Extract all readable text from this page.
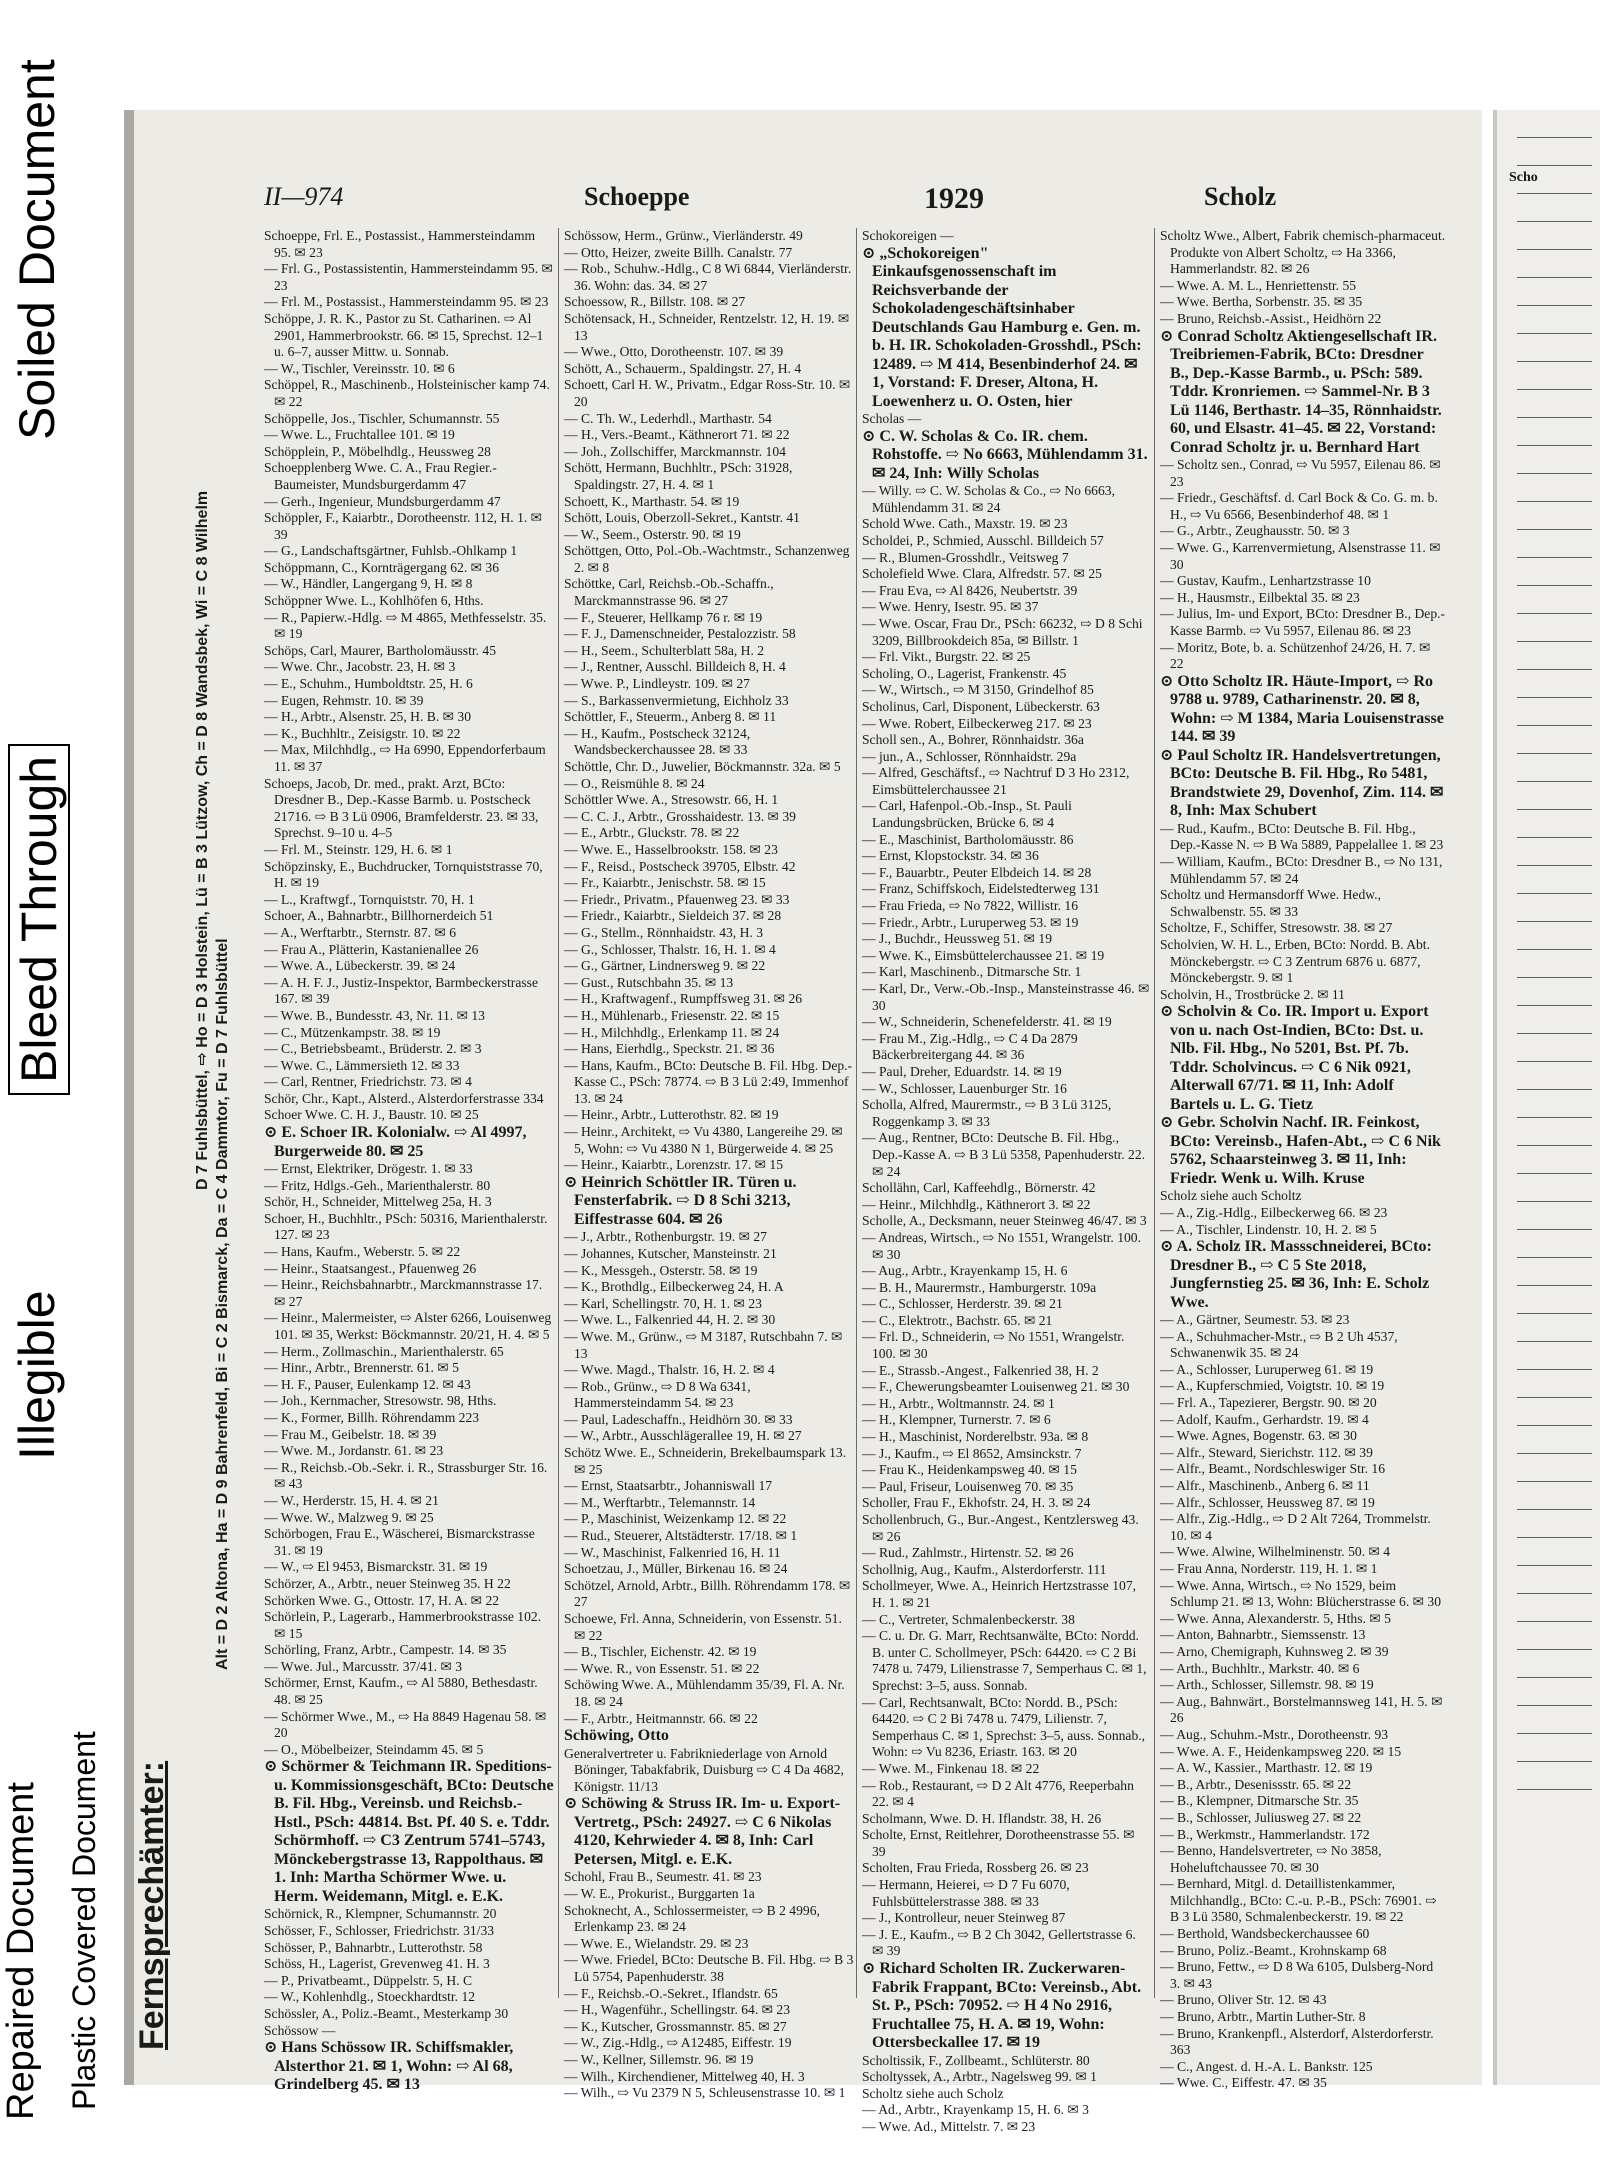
Soiled Document
Bleed Through
Illegible
Repaired Document Plastic Covered Document
II—974	Schoeppe	1929	Scholz
D 7 Fuhlsbüttel, ⇨ Ho = D 3 Holstein, Lü = B 3 Lützow, Ch = D 8 Wandsbek, Wi = C 8 Wilhelm
Alt = D 2 Altona, Ha = D 9 Bahrenfeld, Bi = C 2 Bismarck, Da = C 4 Dammtor, Fu = D 7 Fuhlsbüttel
Fernsprechämter:

Schoeppe, Frl. E., Postassist., Hammersteindamm 95. ✉ 23

— Frl. G., Postassistentin, Hammersteindamm 95. ✉ 23

— Frl. M., Postassist., Hammersteindamm 95. ✉ 23

Schöppe, J. R. K., Pastor zu St. Catharinen. ⇨ Al 2901, Hammerbrookstr. 66. ✉ 15, Sprechst. 12–1 u. 6–7, ausser Mittw. u. Sonnab.

— W., Tischler, Vereinsstr. 10. ✉ 6

Schöppel, R., Maschinenb., Holsteinischer kamp 74. ✉ 22

Schöppelle, Jos., Tischler, Schumannstr. 55

— Wwe. L., Fruchtallee 101. ✉ 19

Schöpplein, P., Möbelhdlg., Heussweg 28

Schoepplenberg Wwe. C. A., Frau Regier.-Baumeister, Mundsburgerdamm 47

— Gerh., Ingenieur, Mundsburgerdamm 47

Schöppler, F., Kaiarbtr., Dorotheenstr. 112, H. 1. ✉ 39

— G., Landschaftsgärtner, Fuhlsb.-Ohlkamp 1

Schöppmann, C., Kornträgergang 62. ✉ 36

— W., Händler, Langergang 9, H. ✉ 8

Schöppner Wwe. L., Kohlhöfen 6, Hths.

— R., Papierw.-Hdlg. ⇨ M 4865, Methfesselstr. 35. ✉ 19

Schöps, Carl, Maurer, Bartholomäusstr. 45

— Wwe. Chr., Jacobstr. 23, H. ✉ 3

— E., Schuhm., Humboldtstr. 25, H. 6

— Eugen, Rehmstr. 10. ✉ 39

— H., Arbtr., Alsenstr. 25, H. B. ✉ 30

— K., Buchhltr., Zeisigstr. 10. ✉ 22

— Max, Milchhdlg., ⇨ Ha 6990, Eppendorferbaum 11. ✉ 37

Schoeps, Jacob, Dr. med., prakt. Arzt, BCto: Dresdner B., Dep.-Kasse Barmb. u. Postscheck 21716. ⇨ B 3 Lü 0906, Bramfelderstr. 23. ✉ 33, Sprechst. 9–10 u. 4–5

— Frl. M., Steinstr. 129, H. 6. ✉ 1

Schöpzinsky, E., Buchdrucker, Tornquiststrasse 70, H. ✉ 19

— L., Kraftwgf., Tornquiststr. 70, H. 1

Schoer, A., Bahnarbtr., Billhornerdeich 51

— A., Werftarbtr., Sternstr. 87. ✉ 6

— Frau A., Plätterin, Kastanienallee 26

— Wwe. A., Lübeckerstr. 39. ✉ 24

— A. H. F. J., Justiz-Inspektor, Barmbeckerstrasse 167. ✉ 39

— Wwe. B., Bundesstr. 43, Nr. 11. ✉ 13

— C., Mützenkampstr. 38. ✉ 19

— C., Betriebsbeamt., Brüderstr. 2. ✉ 3

— Wwe. C., Lämmersieth 12. ✉ 33

— Carl, Rentner, Friedrichstr. 73. ✉ 4

Schör, Chr., Kapt., Alsterd., Alsterdorferstrasse 334

Schoer Wwe. C. H. J., Baustr. 10. ✉ 25

⊙ E. Schoer IR. Kolonialw. ⇨ Al 4997, Burgerweide 80. ✉ 25

— Ernst, Elektriker, Drögestr. 1. ✉ 33

— Fritz, Hdlgs.-Geh., Marienthalerstr. 80

Schör, H., Schneider, Mittelweg 25a, H. 3

Schoer, H., Buchhltr., PSch: 50316, Marienthalerstr. 127. ✉ 23

— Hans, Kaufm., Weberstr. 5. ✉ 22

— Heinr., Staatsangest., Pfauenweg 26

— Heinr., Reichsbahnarbtr., Marckmannstrasse 17. ✉ 27

— Heinr., Malermeister, ⇨ Alster 6266, Louisenweg 101. ✉ 35, Werkst: Böckmannstr. 20/21, H. 4. ✉ 5

— Herm., Zollmaschin., Marienthalerstr. 65

— Hinr., Arbtr., Brennerstr. 61. ✉ 5

— H. F., Pauser, Eulenkamp 12. ✉ 43

— Joh., Kernmacher, Stresowstr. 98, Hths.

— K., Former, Billh. Röhrendamm 223

— Frau M., Geibelstr. 18. ✉ 39

— Wwe. M., Jordanstr. 61. ✉ 23

— R., Reichsb.-Ob.-Sekr. i. R., Strassburger Str. 16. ✉ 43

— W., Herderstr. 15, H. 4. ✉ 21

— Wwe. W., Malzweg 9. ✉ 25

Schörbogen, Frau E., Wäscherei, Bismarckstrasse 31. ✉ 19

— W., ⇨ El 9453, Bismarckstr. 31. ✉ 19

Schörzer, A., Arbtr., neuer Steinweg 35. H 22

Schörken Wwe. G., Ottostr. 17, H. A. ✉ 22

Schörlein, P., Lagerarb., Hammerbrookstrasse 102. ✉ 15

Schörling, Franz, Arbtr., Campestr. 14. ✉ 35

— Wwe. Jul., Marcusstr. 37/41. ✉ 3

Schörmer, Ernst, Kaufm., ⇨ Al 5880, Bethesdastr. 48. ✉ 25

— Schörmer Wwe., M., ⇨ Ha 8849 Hagenau 58. ✉ 20

— O., Möbelbeizer, Steindamm 45. ✉ 5

⊙ Schörmer & Teichmann IR. Speditions- u. Kommissionsgeschäft, BCto: Deutsche B. Fil. Hbg., Vereinsb. und Reichsb.-Hstl., PSch: 44814. Bst. Pf. 40 S. e. Tddr. Schörmhoff. ⇨ C3 Zentrum 5741–5743, Mönckebergstrasse 13, Rappolthaus. ✉ 1. Inh: Martha Schörmer Wwe. u. Herm. Weidemann, Mitgl. e. E.K.

Schörnick, R., Klempner, Schumannstr. 20

Schösser, F., Schlosser, Friedrichstr. 31/33

Schösser, P., Bahnarbtr., Lutterothstr. 58

Schöss, H., Lagerist, Grevenweg 41. H. 3

— P., Privatbeamt., Düppelstr. 5, H. C

— W., Kohlenhdlg., Stoeckhardtstr. 12

Schössler, A., Poliz.-Beamt., Mesterkamp 30

Schössow —

⊙ Hans Schössow IR. Schiffsmakler, Alsterthor 21. ✉ 1, Wohn: ⇨ Al 68, Grindelberg 45. ✉ 13

Schössow, Herm., Grünw., Vierländerstr. 49

— Otto, Heizer, zweite Billh. Canalstr. 77

— Rob., Schuhw.-Hdlg., C 8 Wi 6844, Vierländerstr. 36. Wohn: das. 34. ✉ 27

Schoessow, R., Billstr. 108. ✉ 27

Schötensack, H., Schneider, Rentzelstr. 12, H. 19. ✉ 13

— Wwe., Otto, Dorotheenstr. 107. ✉ 39

Schött, A., Schauerm., Spaldingstr. 27, H. 4

Schoett, Carl H. W., Privatm., Edgar Ross-Str. 10. ✉ 20

— C. Th. W., Lederhdl., Marthastr. 54

— H., Vers.-Beamt., Käthnerort 71. ✉ 22

— Joh., Zollschiffer, Marckmannstr. 104

Schött, Hermann, Buchhltr., PSch: 31928, Spaldingstr. 27, H. 4. ✉ 1

Schoett, K., Marthastr. 54. ✉ 19

Schött, Louis, Oberzoll-Sekret., Kantstr. 41

— W., Seem., Osterstr. 90. ✉ 19

Schöttgen, Otto, Pol.-Ob.-Wachtmstr., Schanzenweg 2. ✉ 8

Schöttke, Carl, Reichsb.-Ob.-Schaffn., Marckmannstrasse 96. ✉ 27

— F., Steuerer, Hellkamp 76 r. ✉ 19

— F. J., Damenschneider, Pestalozzistr. 58

— H., Seem., Schulterblatt 58a, H. 2

— J., Rentner, Ausschl. Billdeich 8, H. 4

— Wwe. P., Lindleystr. 109. ✉ 27

— S., Barkassenvermietung, Eichholz 33

Schöttler, F., Steuerm., Anberg 8. ✉ 11

— H., Kaufm., Postscheck 32124, Wandsbeckerchaussee 28. ✉ 33

Schöttle, Chr. D., Juwelier, Böckmannstr. 32a. ✉ 5

— O., Reismühle 8. ✉ 24

Schöttler Wwe. A., Stresowstr. 66, H. 1

— C. C. J., Arbtr., Grosshaidestr. 13. ✉ 39

— E., Arbtr., Gluckstr. 78. ✉ 22

— Wwe. E., Hasselbrookstr. 158. ✉ 23

— F., Reisd., Postscheck 39705, Elbstr. 42

— Fr., Kaiarbtr., Jenischstr. 58. ✉ 15

— Friedr., Privatm., Pfauenweg 23. ✉ 33

— Friedr., Kaiarbtr., Sieldeich 37. ✉ 28

— G., Stellm., Rönnhaidstr. 43, H. 3

— G., Schlosser, Thalstr. 16, H. 1. ✉ 4

— G., Gärtner, Lindnersweg 9. ✉ 22

— Gust., Rutschbahn 35. ✉ 13

— H., Kraftwagenf., Rumpffsweg 31. ✉ 26

— H., Mühlenarb., Friesenstr. 22. ✉ 15

— H., Milchhdlg., Erlenkamp 11. ✉ 24

— Hans, Eierhdlg., Speckstr. 21. ✉ 36

— Hans, Kaufm., BCto: Deutsche B. Fil. Hbg. Dep.-Kasse C., PSch: 78774. ⇨ B 3 Lü 2:49, Immenhof 13. ✉ 24

— Heinr., Arbtr., Lutterothstr. 82. ✉ 19

— Heinr., Architekt, ⇨ Vu 4380, Langereihe 29. ✉ 5, Wohn: ⇨ Vu 4380 N 1, Bürgerweide 4. ✉ 25

— Heinr., Kaiarbtr., Lorenzstr. 17. ✉ 15

⊙ Heinrich Schöttler IR. Türen u. Fensterfabrik. ⇨ D 8 Schi 3213, Eiffestrasse 604. ✉ 26

— J., Arbtr., Rothenburgstr. 19. ✉ 27

— Johannes, Kutscher, Mansteinstr. 21

— K., Messgeh., Osterstr. 58. ✉ 19

— K., Brothdlg., Eilbeckerweg 24, H. A

— Karl, Schellingstr. 70, H. 1. ✉ 23

— Wwe. L., Falkenried 44, H. 2. ✉ 30

— Wwe. M., Grünw., ⇨ M 3187, Rutschbahn 7. ✉ 13

— Wwe. Magd., Thalstr. 16, H. 2. ✉ 4

— Rob., Grünw., ⇨ D 8 Wa 6341, Hammersteindamm 54. ✉ 23

— Paul, Ladeschaffn., Heidhörn 30. ✉ 33

— W., Arbtr., Ausschlägerallee 19, H. ✉ 27

Schötz Wwe. E., Schneiderin, Brekelbaumspark 13. ✉ 25

— Ernst, Staatsarbtr., Johanniswall 17

— M., Werftarbtr., Telemannstr. 14

— P., Maschinist, Weizenkamp 12. ✉ 22

— Rud., Steuerer, Altstädterstr. 17/18. ✉ 1

— W., Maschinist, Falkenried 16, H. 11

Schoetzau, J., Müller, Birkenau 16. ✉ 24

Schötzel, Arnold, Arbtr., Billh. Röhrendamm 178. ✉ 27

Schoewe, Frl. Anna, Schneiderin, von Essenstr. 51. ✉ 22

— B., Tischler, Eichenstr. 42. ✉ 19

— Wwe. R., von Essenstr. 51. ✉ 22

Schöwing Wwe. A., Mühlendamm 35/39, Fl. A. Nr. 18. ✉ 24

— F., Arbtr., Heitmannstr. 66. ✉ 22

Schöwing, Otto

Generalvertreter u. Fabrikniederlage von Arnold Böninger, Tabakfabrik, Duisburg ⇨ C 4 Da 4682, Königstr. 11/13

⊙ Schöwing & Struss IR. Im- u. Export-Vertretg., PSch: 24927. ⇨ C 6 Nikolas 4120, Kehrwieder 4. ✉ 8, Inh: Carl Petersen, Mitgl. e. E.K.

Schohl, Frau B., Seumestr. 41. ✉ 23

— W. E., Prokurist., Burggarten 1a

Schoknecht, A., Schlossermeister, ⇨ B 2 4996, Erlenkamp 23. ✉ 24

— Wwe. E., Wielandstr. 29. ✉ 23

— Wwe. Friedel, BCto: Deutsche B. Fil. Hbg. ⇨ B 3 Lü 5754, Papenhuderstr. 38

— F., Reichsb.-O.-Sekret., Iflandstr. 65

— H., Wagenführ., Schellingstr. 64. ✉ 23

— K., Kutscher, Grossmannstr. 85. ✉ 27

— W., Zig.-Hdlg., ⇨ A12485, Eiffestr. 19

— W., Kellner, Sillemstr. 96. ✉ 19

— Wilh., Kirchendiener, Mittelweg 40, H. 3

— Wilh., ⇨ Vu 2379 N 5, Schleusenstrasse 10. ✉ 1

Schokoreigen —

⊙ „Schokoreigen" Einkaufsgenossenschaft im Reichsverbande der Schokoladengeschäftsinhaber Deutschlands Gau Hamburg e. Gen. m. b. H. IR. Schokoladen-Grosshdl., PSch: 12489. ⇨ M 414, Besenbinderhof 24. ✉ 1, Vorstand: F. Dreser, Altona, H. Loewenherz u. O. Osten, hier

Scholas —

⊙ C. W. Scholas & Co. IR. chem. Rohstoffe. ⇨ No 6663, Mühlendamm 31. ✉ 24, Inh: Willy Scholas

— Willy. ⇨ C. W. Scholas & Co., ⇨ No 6663, Mühlendamm 31. ✉ 24

Schold Wwe. Cath., Maxstr. 19. ✉ 23

Scholdei, P., Schmied, Ausschl. Billdeich 57

— R., Blumen-Grosshdlr., Veitsweg 7

Scholefield Wwe. Clara, Alfredstr. 57. ✉ 25

— Frau Eva, ⇨ Al 8426, Neubertstr. 39

— Wwe. Henry, Isestr. 95. ✉ 37

— Wwe. Oscar, Frau Dr., PSch: 66232, ⇨ D 8 Schi 3209, Billbrookdeich 85a, ✉ Billstr. 1

— Frl. Vikt., Burgstr. 22. ✉ 25

Scholing, O., Lagerist, Frankenstr. 45

— W., Wirtsch., ⇨ M 3150, Grindelhof 85

Scholinus, Carl, Disponent, Lübeckerstr. 63

— Wwe. Robert, Eilbeckerweg 217. ✉ 23

Scholl sen., A., Bohrer, Rönnhaidstr. 36a

— jun., A., Schlosser, Rönnhaidstr. 29a

— Alfred, Geschäftsf., ⇨ Nachtruf D 3 Ho 2312, Eimsbüttelerchaussee 21

— Carl, Hafenpol.-Ob.-Insp., St. Pauli Landungsbrücken, Brücke 6. ✉ 4

— E., Maschinist, Bartholomäusstr. 86

— Ernst, Klopstockstr. 34. ✉ 36

— F., Bauarbtr., Peuter Elbdeich 14. ✉ 28

— Franz, Schiffskoch, Eidelstedterweg 131

— Frau Frieda, ⇨ No 7822, Willistr. 16

— Friedr., Arbtr., Luruperweg 53. ✉ 19

— J., Buchdr., Heussweg 51. ✉ 19

— Wwe. K., Eimsbüttelerchaussee 21. ✉ 19

— Karl, Maschinenb., Ditmarsche Str. 1

— Karl, Dr., Verw.-Ob.-Insp., Mansteinstrasse 46. ✉ 30

— W., Schneiderin, Schenefelderstr. 41. ✉ 19

— Frau M., Zig.-Hdlg., ⇨ C 4 Da 2879 Bäckerbreitergang 44. ✉ 36

— Paul, Dreher, Eduardstr. 14. ✉ 19

— W., Schlosser, Lauenburger Str. 16

Scholla, Alfred, Maurermstr., ⇨ B 3 Lü 3125, Roggenkamp 3. ✉ 33

— Aug., Rentner, BCto: Deutsche B. Fil. Hbg., Dep.-Kasse A. ⇨ B 3 Lü 5358, Papenhuderstr. 22. ✉ 24

Schollähn, Carl, Kaffeehdlg., Börnerstr. 42

— Heinr., Milchhdlg., Käthnerort 3. ✉ 22

Scholle, A., Decksmann, neuer Steinweg 46/47. ✉ 3

— Andreas, Wirtsch., ⇨ No 1551, Wrangelstr. 100. ✉ 30

— Aug., Arbtr., Krayenkamp 15, H. 6

— B. H., Maurermstr., Hamburgerstr. 109a

— C., Schlosser, Herderstr. 39. ✉ 21

— C., Elektrotr., Bachstr. 65. ✉ 21

— Frl. D., Schneiderin, ⇨ No 1551, Wrangelstr. 100. ✉ 30

— E., Strassb.-Angest., Falkenried 38, H. 2

— F., Chewerungsbeamter Louisenweg 21. ✉ 30

— H., Arbtr., Woltmannstr. 24. ✉ 1

— H., Klempner, Turnerstr. 7. ✉ 6

— H., Maschinist, Norderelbstr. 93a. ✉ 8

— J., Kaufm., ⇨ El 8652, Amsinckstr. 7

— Frau K., Heidenkampsweg 40. ✉ 15

— Paul, Friseur, Louisenweg 70. ✉ 35

Scholler, Frau F., Ekhofstr. 24, H. 3. ✉ 24

Schollenbruch, G., Bur.-Angest., Kentzlersweg 43. ✉ 26

— Rud., Zahlmstr., Hirtenstr. 52. ✉ 26

Schollnig, Aug., Kaufm., Alsterdorferstr. 111

Schollmeyer, Wwe. A., Heinrich Hertzstrasse 107, H. 1. ✉ 21

— C., Vertreter, Schmalenbeckerstr. 38

— C. u. Dr. G. Marr, Rechtsanwälte, BCto: Nordd. B. unter C. Schollmeyer, PSch: 64420. ⇨ C 2 Bi 7478 u. 7479, Lilienstrasse 7, Semperhaus C. ✉ 1, Sprechst: 3–5, auss. Sonnab.

— Carl, Rechtsanwalt, BCto: Nordd. B., PSch: 64420. ⇨ C 2 Bi 7478 u. 7479, Lilienstr. 7, Semperhaus C. ✉ 1, Sprechst: 3–5, auss. Sonnab., Wohn: ⇨ Vu 8236, Eriastr. 163. ✉ 20

— Wwe. M., Finkenau 18. ✉ 22

— Rob., Restaurant, ⇨ D 2 Alt 4776, Reeperbahn 22. ✉ 4

Scholmann, Wwe. D. H. Iflandstr. 38, H. 26

Scholte, Ernst, Reitlehrer, Dorotheenstrasse 55. ✉ 39

Scholten, Frau Frieda, Rossberg 26. ✉ 23

— Hermann, Heierei, ⇨ D 7 Fu 6070, Fuhlsbüttelerstrasse 388. ✉ 33

— J., Kontrolleur, neuer Steinweg 87

— J. E., Kaufm., ⇨ B 2 Ch 3042, Gellertstrasse 6. ✉ 39

⊙ Richard Scholten IR. Zuckerwaren-Fabrik Frappant, BCto: Vereinsb., Abt. St. P., PSch: 70952. ⇨ H 4 No 2916, Fruchtallee 75, H. A. ✉ 19, Wohn: Ottersbeckallee 17. ✉ 19

Scholtissik, F., Zollbeamt., Schlüterstr. 80

Scholtyssek, A., Arbtr., Nagelsweg 99. ✉ 1

Scholtz siehe auch Scholz

— Ad., Arbtr., Krayenkamp 15, H. 6. ✉ 3

— Wwe. Ad., Mittelstr. 7. ✉ 23

Scholtz Wwe., Albert, Fabrik chemisch-pharmaceut. Produkte von Albert Scholtz, ⇨ Ha 3366, Hammerlandstr. 82. ✉ 26

— Wwe. A. M. L., Henriettenstr. 55

— Wwe. Bertha, Sorbenstr. 35. ✉ 35

— Bruno, Reichsb.-Assist., Heidhörn 22

⊙ Conrad Scholtz Aktiengesellschaft IR. Treibriemen-Fabrik, BCto: Dresdner B., Dep.-Kasse Barmb., u. PSch: 589. Tddr. Kronriemen. ⇨ Sammel-Nr. B 3 Lü 1146, Berthastr. 14–35, Rönnhaidstr. 60, und Elsastr. 41–45. ✉ 22, Vorstand: Conrad Scholtz jr. u. Bernhard Hart

— Scholtz sen., Conrad, ⇨ Vu 5957, Eilenau 86. ✉ 23

— Friedr., Geschäftsf. d. Carl Bock & Co. G. m. b. H., ⇨ Vu 6566, Besenbinderhof 48. ✉ 1

— G., Arbtr., Zeughausstr. 50. ✉ 3

— Wwe. G., Karrenvermietung, Alsenstrasse 11. ✉ 30

— Gustav, Kaufm., Lenhartzstrasse 10

— H., Hausmstr., Eilbektal 35. ✉ 23

— Julius, Im- und Export, BCto: Dresdner B., Dep.-Kasse Barmb. ⇨ Vu 5957, Eilenau 86. ✉ 23

— Moritz, Bote, b. a. Schützenhof 24/26, H. 7. ✉ 22

⊙ Otto Scholtz IR. Häute-Import, ⇨ Ro 9788 u. 9789, Catharinenstr. 20. ✉ 8, Wohn: ⇨ M 1384, Maria Louisenstrasse 144. ✉ 39

⊙ Paul Scholtz IR. Handelsvertretungen, BCto: Deutsche B. Fil. Hbg., Ro 5481, Brandstwiete 29, Dovenhof, Zim. 114. ✉ 8, Inh: Max Schubert

— Rud., Kaufm., BCto: Deutsche B. Fil. Hbg., Dep.-Kasse N. ⇨ B Wa 5889, Pappelallee 1. ✉ 23

— William, Kaufm., BCto: Dresdner B., ⇨ No 131, Mühlendamm 57. ✉ 24

Scholtz und Hermansdorff Wwe. Hedw., Schwalbenstr. 55. ✉ 33

Scholtze, F., Schiffer, Stresowstr. 38. ✉ 27

Scholvien, W. H. L., Erben, BCto: Nordd. B. Abt. Mönckebergstr. ⇨ C 3 Zentrum 6876 u. 6877, Mönckebergstr. 9. ✉ 1

Scholvin, H., Trostbrücke 2. ✉ 11

⊙ Scholvin & Co. IR. Import u. Export von u. nach Ost-Indien, BCto: Dst. u. Nlb. Fil. Hbg., No 5201, Bst. Pf. 7b. Tddr. Scholvincus. ⇨ C 6 Nik 0921, Alterwall 67/71. ✉ 11, Inh: Adolf Bartels u. L. G. Tietz

⊙ Gebr. Scholvin Nachf. IR. Feinkost, BCto: Vereinsb., Hafen-Abt., ⇨ C 6 Nik 5762, Schaarsteinweg 3. ✉ 11, Inh: Friedr. Wenk u. Wilh. Kruse

Scholz siehe auch Scholtz

— A., Zig.-Hdlg., Eilbeckerweg 66. ✉ 23

— A., Tischler, Lindenstr. 10, H. 2. ✉ 5

⊙ A. Scholz IR. Massschneiderei, BCto: Dresdner B., ⇨ C 5 Ste 2018, Jungfernstieg 25. ✉ 36, Inh: E. Scholz Wwe.

— A., Gärtner, Seumestr. 53. ✉ 23

— A., Schuhmacher-Mstr., ⇨ B 2 Uh 4537, Schwanenwik 35. ✉ 24

— A., Schlosser, Luruperweg 61. ✉ 19

— A., Kupferschmied, Voigtstr. 10. ✉ 19

— Frl. A., Tapezierer, Bergstr. 90. ✉ 20

— Adolf, Kaufm., Gerhardstr. 19. ✉ 4

— Wwe. Agnes, Bogenstr. 63. ✉ 30

— Alfr., Steward, Sierichstr. 112. ✉ 39

— Alfr., Beamt., Nordschleswiger Str. 16

— Alfr., Maschinenb., Anberg 6. ✉ 11

— Alfr., Schlosser, Heussweg 87. ✉ 19

— Alfr., Zig.-Hdlg., ⇨ D 2 Alt 7264, Trommelstr. 10. ✉ 4

— Wwe. Alwine, Wilhelminenstr. 50. ✉ 4

— Frau Anna, Norderstr. 119, H. 1. ✉ 1

— Wwe. Anna, Wirtsch., ⇨ No 1529, beim Schlump 21. ✉ 13, Wohn: Blücherstrasse 6. ✉ 30

— Wwe. Anna, Alexanderstr. 5, Hths. ✉ 5

— Anton, Bahnarbtr., Siemssenstr. 13

— Arno, Chemigraph, Kuhnsweg 2. ✉ 39

— Arth., Buchhltr., Markstr. 40. ✉ 6

— Arth., Schlosser, Sillemstr. 98. ✉ 19

— Aug., Bahnwärt., Borstelmannsweg 141, H. 5. ✉ 26

— Aug., Schuhm.-Mstr., Dorotheenstr. 93

— Wwe. A. F., Heidenkampsweg 220. ✉ 15

— A. W., Kassier., Marthastr. 12. ✉ 19

— B., Arbtr., Desenissstr. 65. ✉ 22

— B., Klempner, Ditmarsche Str. 35

— B., Schlosser, Juliusweg 27. ✉ 22

— B., Werkmstr., Hammerlandstr. 172

— Benno, Handelsvertreter, ⇨ No 3858, Hoheluftchaussee 70. ✉ 30

— Bernhard, Mitgl. d. Detaillistenkammer, Milchhandlg., BCto: C.-u. P.-B., PSch: 76901. ⇨ B 3 Lü 3580, Schmalenbeckerstr. 19. ✉ 22

— Berthold, Wandsbeckerchaussee 60

— Bruno, Poliz.-Beamt., Krohnskamp 68

— Bruno, Fettw., ⇨ D 8 Wa 6105, Dulsberg-Nord 3. ✉ 43

— Bruno, Oliver Str. 12. ✉ 43

— Bruno, Arbtr., Martin Luther-Str. 8

— Bruno, Krankenpfl., Alsterdorf, Alsterdorferstr. 363

— C., Angest. d. H.-A. L. Bankstr. 125

— Wwe. C., Eiffestr. 47. ✉ 35

Scho
